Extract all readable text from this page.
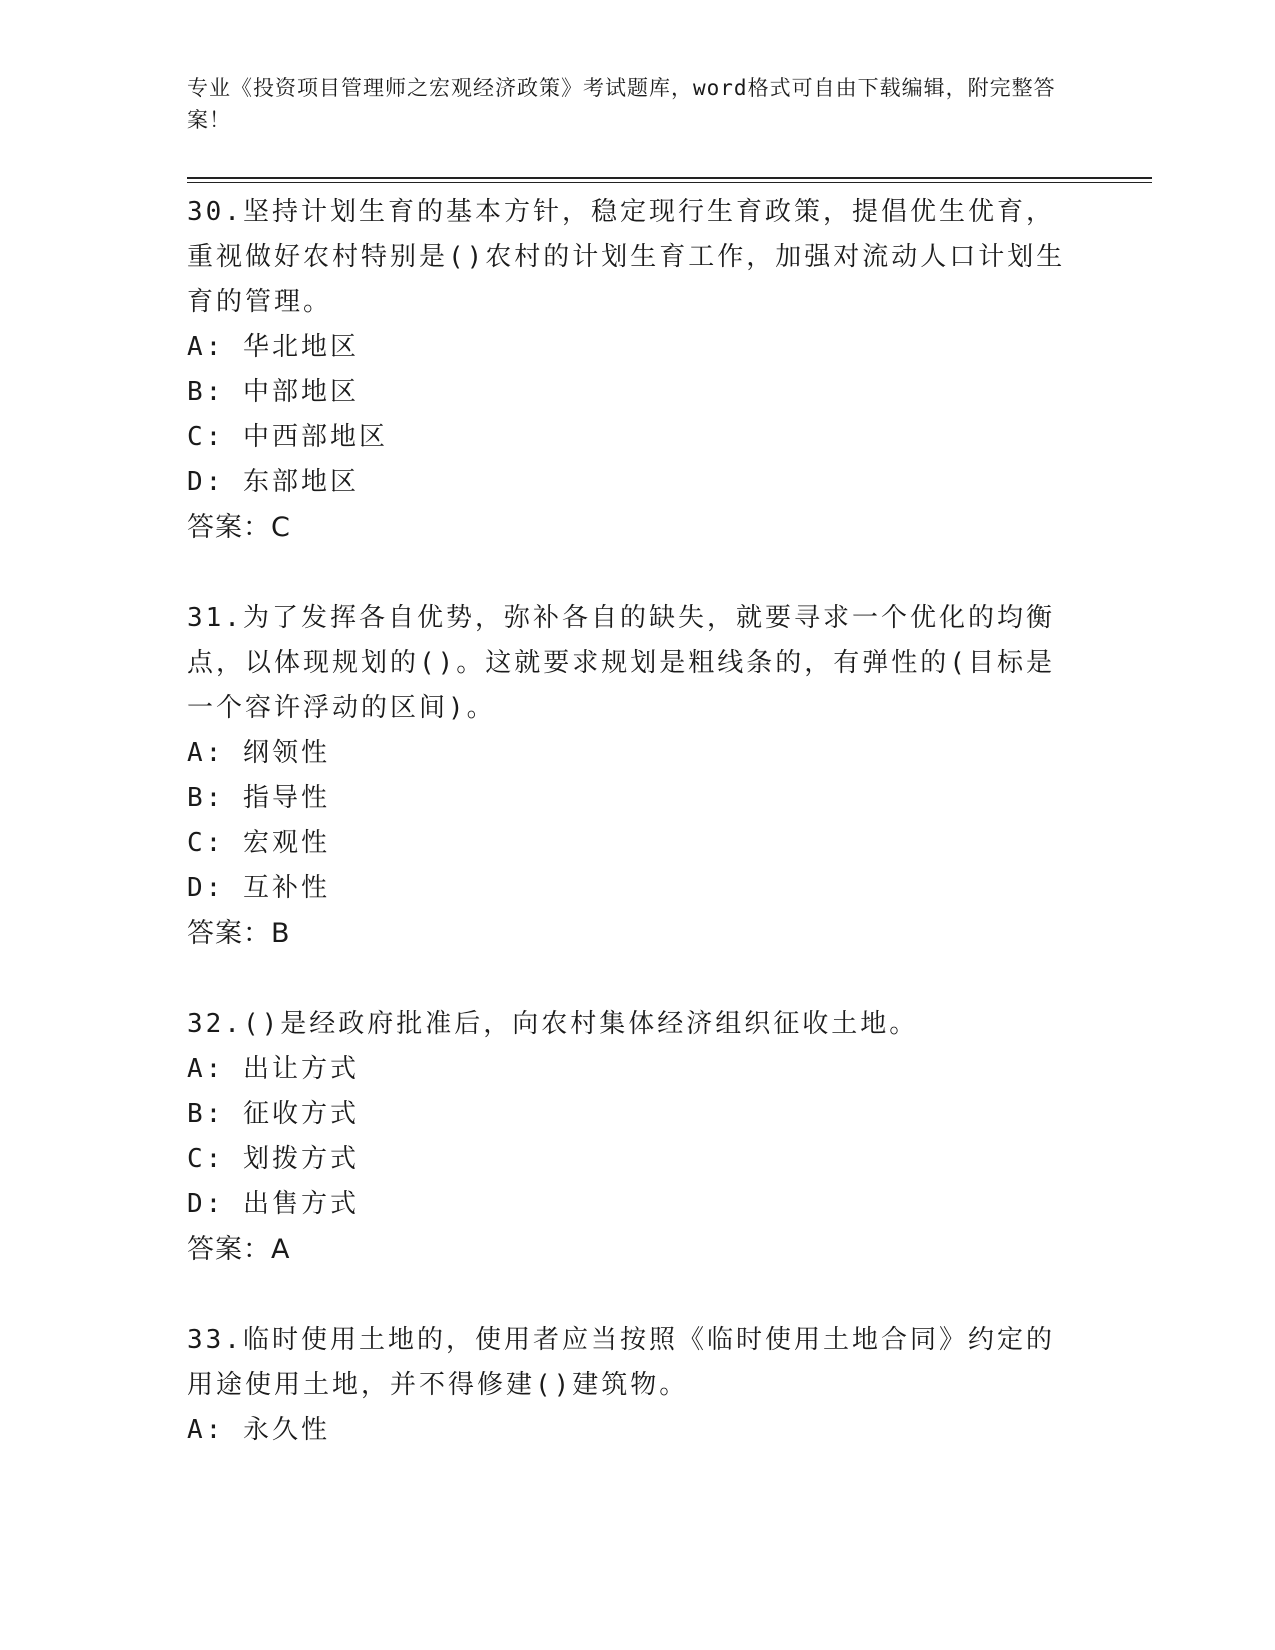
专业《投资项目管理师之宏观经济政策》考试题库，word格式可自由下载编辑，附完整答案！
30.坚持计划生育的基本方针，稳定现行生育政策，提倡优生优育，重视做好农村特别是()农村的计划生育工作，加强对流动人口计划生育的管理。
A: 华北地区
B: 中部地区
C: 中西部地区
D: 东部地区
答案：C
31.为了发挥各自优势，弥补各自的缺失，就要寻求一个优化的均衡点，以体现规划的()。这就要求规划是粗线条的，有弹性的(目标是一个容许浮动的区间)。
A: 纲领性
B: 指导性
C: 宏观性
D: 互补性
答案：B
32.()是经政府批准后，向农村集体经济组织征收土地。
A: 出让方式
B: 征收方式
C: 划拨方式
D: 出售方式
答案：A
33.临时使用土地的，使用者应当按照《临时使用土地合同》约定的用途使用土地，并不得修建()建筑物。
A: 永久性
